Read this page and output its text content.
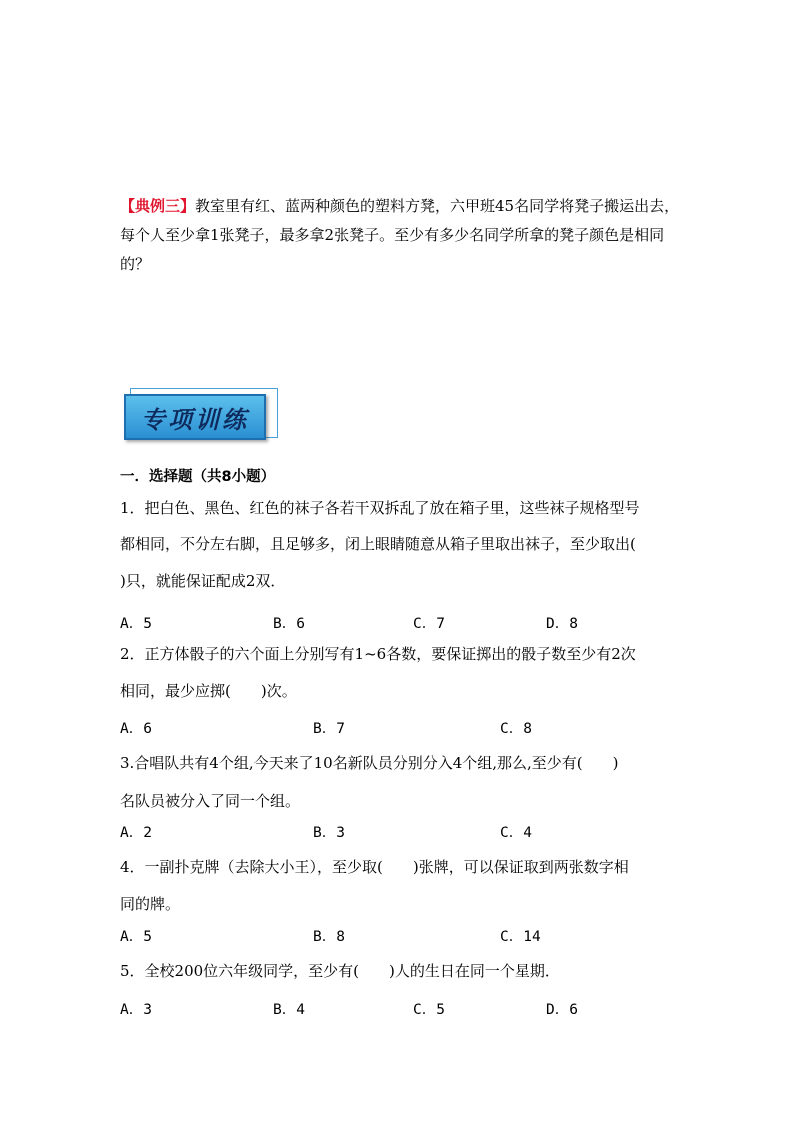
【典例三】教室里有红、蓝两种颜色的塑料方凳，六甲班45名同学将凳子搬运出去，每个人至少拿1张凳子，最多拿2张凳子。至少有多少名同学所拿的凳子颜色是相同的？
专项训练
一．选择题（共8小题）
1．把白色、黑色、红色的袜子各若干双拆乱了放在箱子里，这些袜子规格型号
都相同，不分左右脚，且足够多，闭上眼睛随意从箱子里取出袜子，至少取出(
)只，就能保证配成2双．
A．5	B．6	C．7	D．8
2．正方体骰子的六个面上分别写有1~6各数，要保证掷出的骰子数至少有2次
相同，最少应掷(　　)次。
A．6	B．7	C．8
3.合唱队共有4个组,今天来了10名新队员分别分入4个组,那么,至少有(　　)
名队员被分入了同一个组。
A．2	B．3	C．4
4．一副扑克牌（去除大小王），至少取(　　)张牌，可以保证取到两张数字相
同的牌。
A．5	B．8	C．14
5．全校200位六年级同学，至少有(　　)人的生日在同一个星期．
A．3	B．4	C．5	D．6
